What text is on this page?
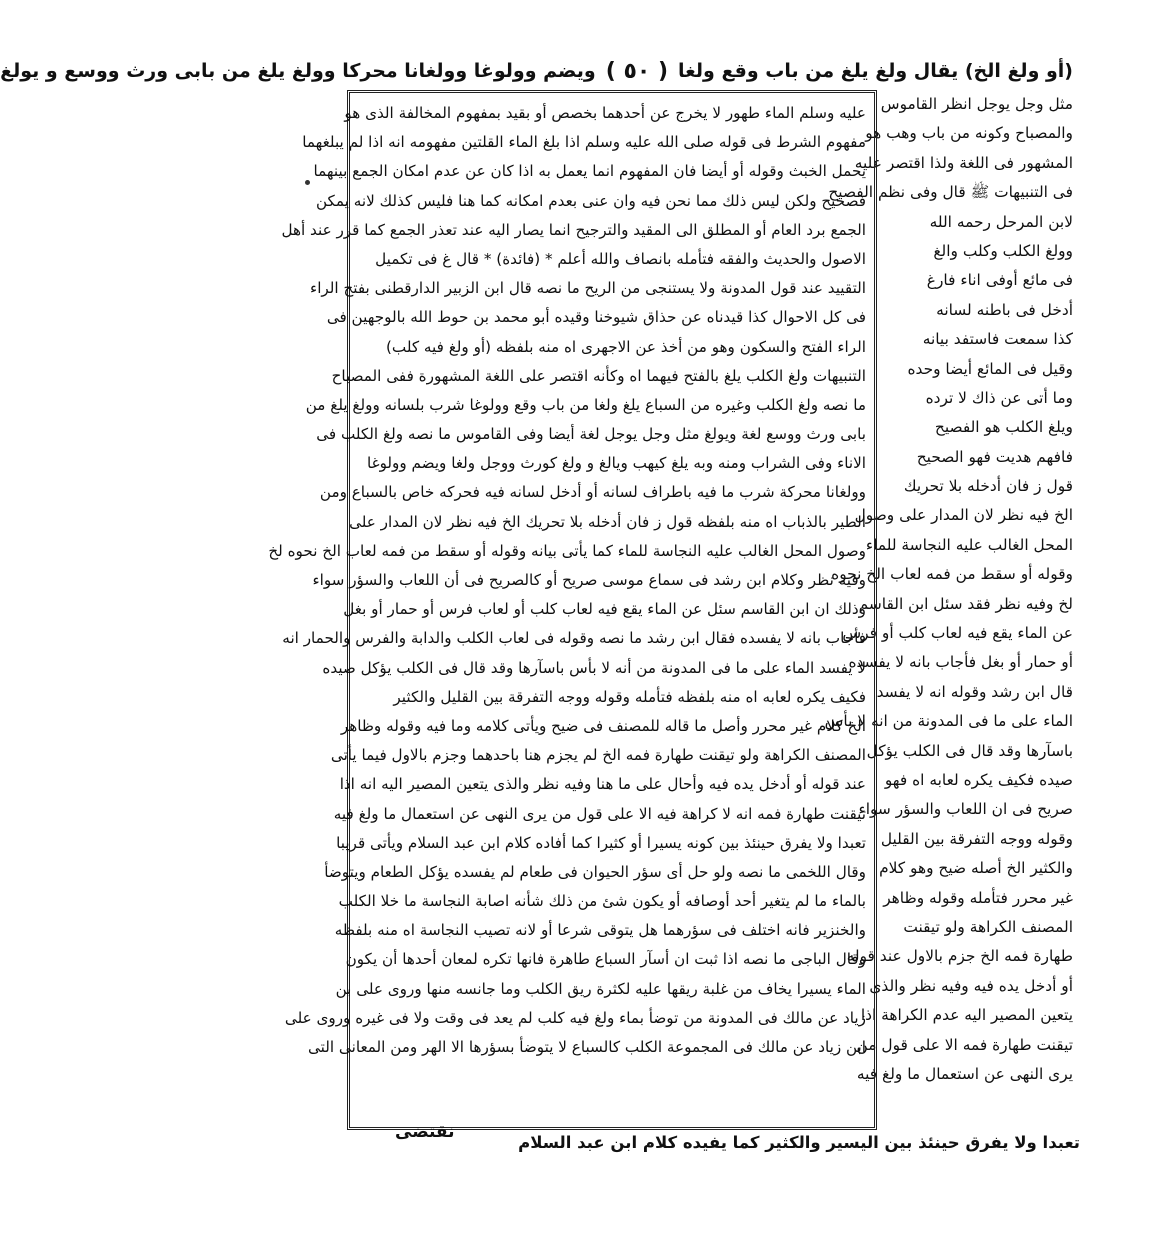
(أو ولغ الخ) يقال ولغ يلغ من باب وقع ولغا
( ٥٠ )
ويضم وولوغا وولغانا محركا وولغ يلغ من بابى ورث ووسع و يولغ
مثل وجل يوجل انظر القاموس
والمصباح وكونه من باب وهب هو
المشهور فى اللغة ولذا اقتصر عليه
فى التنبيهات ﷺ قال وفى نظم الفصيح
لابن المرحل رحمه الله
وولغ الكلب وكلب والغ
فى مائع أوفى اناء فارغ
أدخل فى باطنه لسانه
كذا سمعت فاستفد بيانه
وقيل فى المائع أيضا وحده
وما أتى عن ذاك لا ترده
ويلغ الكلب هو الفصيح
فافهم هديت فهو الصحيح
قول ز فان أدخله بلا تحريك
الخ فيه نظر لان المدار على وصول
المحل الغالب عليه النجاسة للماء
وقوله أو سقط من فمه لعاب الخ نحوه
لخ وفيه نظر فقد سئل ابن القاسم
عن الماء يقع فيه لعاب كلب أو فرس
أو حمار أو بغل فأجاب بانه لا يفسده
قال ابن رشد وقوله انه لا يفسد
الماء على ما فى المدونة من انه لا بأس
باسآرها وقد قال فى الكلب يؤكل
صيده فكيف يكره لعابه اه فهو
صريح فى ان اللعاب والسؤر سواء
وقوله ووجه التفرقة بين القليل
والكثير الخ أصله ضيح وهو كلام
غير محرر فتأمله وقوله وظاهر
المصنف الكراهة ولو تيقنت
طهارة فمه الخ جزم بالاول عند قوله
أو أدخل يده فيه وفيه نظر والذى
يتعين المصير اليه عدم الكراهة اذا
تيقنت طهارة فمه الا على قول من
يرى النهى عن استعمال ما ولغ فيه
عليه وسلم الماء طهور لا يخرج عن أحدهما بخصص أو بقيد بمفهوم المخالفة الذى هو
مفهوم الشرط فى قوله صلى الله عليه وسلم اذا بلغ الماء القلتين مفهومه انه اذا لم يبلغهما
يحمل الخبث وقوله أو أيضا فان المفهوم انما يعمل به اذا كان عن عدم امكان الجمع بينهما
فصحيح ولكن ليس ذلك مما نحن فيه وان عنى بعدم امكانه كما هنا فليس كذلك لانه يمكن
الجمع برد العام أو المطلق الى المقيد والترجيح انما يصار اليه عند تعذر الجمع كما قرر عند أهل
الاصول والحديث والفقه فتأمله بانصاف والله أعلم * (فائدة) * قال غ فى تكميل
التقييد عند قول المدونة ولا يستنجى من الريح ما نصه قال ابن الزبير الدارقطنى بفتح الراء
فى كل الاحوال كذا قيدناه عن حذاق شيوخنا وقيده أبو محمد بن حوط الله بالوجهين فى
الراء الفتح والسكون وهو من أخذ عن الاجهرى اه منه بلفظه (أو ولغ فيه كلب)
التنبيهات ولغ الكلب يلغ بالفتح فيهما اه وكأنه اقتصر على اللغة المشهورة ففى المصباح
ما نصه ولغ الكلب وغيره من السباع يلغ ولغا من باب وقع وولوغا شرب بلسانه وولغ يلغ من
بابى ورث ووسع لغة ويولغ مثل وجل يوجل لغة أيضا وفى القاموس ما نصه ولغ الكلب فى
الاناء وفى الشراب ومنه وبه يلغ كيهب ويالغ و ولغ كورث ووجل ولغا ويضم وولوغا
وولغانا محركة شرب ما فيه باطراف لسانه أو أدخل لسانه فيه فحركه خاص بالسباع ومن
الطير بالذباب اه منه بلفظه قول ز فان أدخله بلا تحريك الخ فيه نظر لان المدار على
وصول المحل الغالب عليه النجاسة للماء كما يأتى بيانه وقوله أو سقط من فمه لعاب الخ نحوه لخ
وفيه نظر وكلام ابن رشد فى سماع موسى صريح أو كالصريح فى أن اللعاب والسؤر سواء
وذلك ان ابن القاسم سئل عن الماء يقع فيه لعاب كلب أو لعاب فرس أو حمار أو بغل
فأجاب بانه لا يفسده فقال ابن رشد ما نصه وقوله فى لعاب الكلب والدابة والفرس والحمار انه
لا يفسد الماء على ما فى المدونة من أنه لا بأس باسآرها وقد قال فى الكلب يؤكل صيده
فكيف يكره لعابه اه منه بلفظه فتأمله وقوله ووجه التفرقة بين القليل والكثير
الخ كلام غير محرر وأصل ما قاله للمصنف فى ضيح ويأتى كلامه وما فيه وقوله وظاهر
المصنف الكراهة ولو تيقنت طهارة فمه الخ لم يجزم هنا باحدهما وجزم بالاول فيما يأتى
عند قوله أو أدخل يده فيه وأحال على ما هنا وفيه نظر والذى يتعين المصير اليه انه اذا
تيقنت طهارة فمه انه لا كراهة فيه الا على قول من يرى النهى عن استعمال ما ولغ فيه
تعبدا ولا يفرق حينئذ بين كونه يسيرا أو كثيرا كما أفاده كلام ابن عبد السلام ويأتى قريبا
وقال اللخمى ما نصه ولو حل أى سؤر الحيوان فى طعام لم يفسده يؤكل الطعام ويتوضأ
بالماء ما لم يتغير أحد أوصافه أو يكون شئ من ذلك شأنه اصابة النجاسة ما خلا الكلب
والخنزير فانه اختلف فى سؤرهما هل يتوقى شرعا أو لانه تصيب النجاسة اه منه بلفظه
وقال الباجى ما نصه اذا ثبت ان أسآر السباع طاهرة فانها تكره لمعان أحدها أن يكون
الماء يسيرا يخاف من غلبة ريقها عليه لكثرة ريق الكلب وما جانسه منها وروى على بن
زياد عن مالك فى المدونة من توضأ بماء ولغ فيه كلب لم يعد فى وقت ولا فى غيره وروى على
ابن زياد عن مالك فى المجموعة الكلب كالسباع لا يتوضأ بسؤرها الا الهر ومن المعانى التى
تعبدا ولا يفرق حينئذ بين اليسير والكثير كما يفيده كلام ابن عبد السلام
نقتضى
